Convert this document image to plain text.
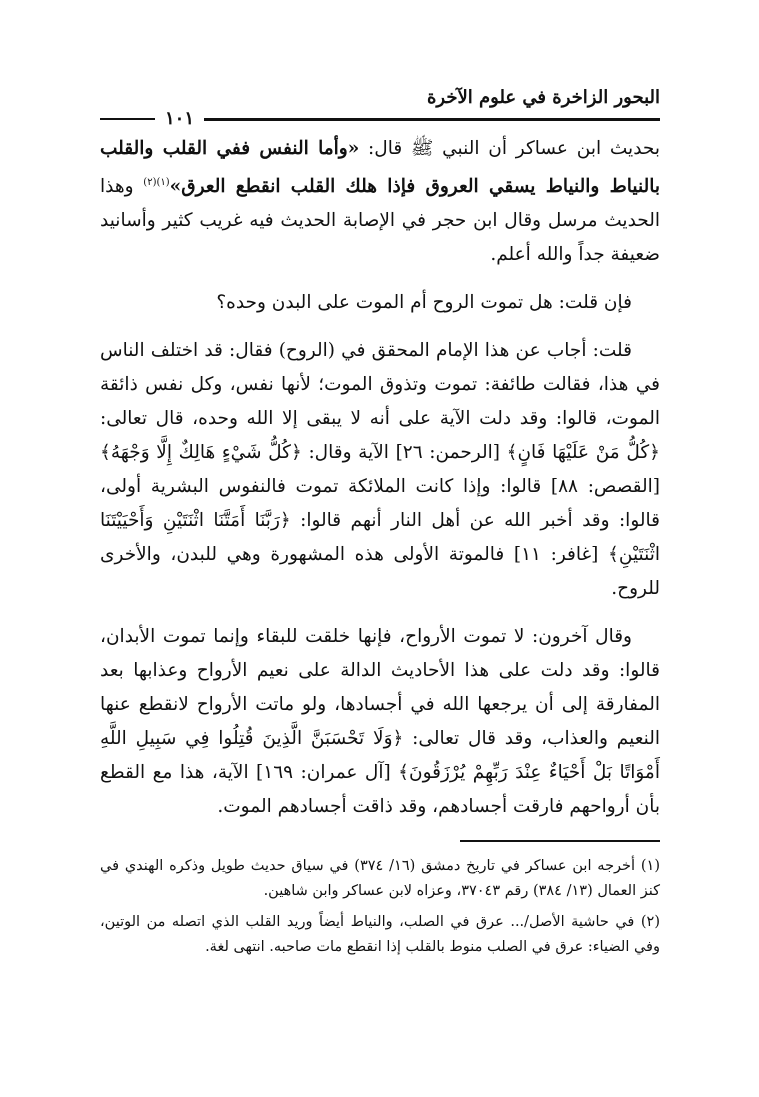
البحور الزاخرة في علوم الآخرة
١٠١

بحديث ابن عساكر أن النبي ﷺ قال: «وأما النفس ففي القلب والقلب بالنياط والنياط يسقي العروق فإذا هلك القلب انقطع العرق»$^{(١)(٢)}$ وهذا الحديث مرسل وقال ابن حجر في الإصابة الحديث فيه غريب كثير وأسانيد ضعيفة جداً والله أعلم.

فإن قلت: هل تموت الروح أم الموت على البدن وحده؟

قلت: أجاب عن هذا الإمام المحقق في (الروح) فقال: قد اختلف الناس في هذا، فقالت طائفة: تموت وتذوق الموت؛ لأنها نفس، وكل نفس ذائقة الموت، قالوا: وقد دلت الآية على أنه لا يبقى إلا الله وحده، قال تعالى: ﴿كُلُّ مَنْ عَلَيْهَا فَانٍ﴾ [الرحمن: ٢٦] الآية وقال: ﴿كُلُّ شَيْءٍ هَالِكٌ إِلَّا وَجْهَهُ﴾ [القصص: ٨٨] قالوا: وإذا كانت الملائكة تموت فالنفوس البشرية أولى، قالوا: وقد أخبر الله عن أهل النار أنهم قالوا: ﴿رَبَّنَا أَمَتَّنَا اثْنَتَيْنِ وَأَحْيَيْتَنَا اثْنَتَيْنِ﴾ [غافر: ١١] فالموتة الأولى هذه المشهورة وهي للبدن، والأخرى للروح.

وقال آخرون: لا تموت الأرواح، فإنها خلقت للبقاء وإنما تموت الأبدان، قالوا: وقد دلت على هذا الأحاديث الدالة على نعيم الأرواح وعذابها بعد المفارقة إلى أن يرجعها الله في أجسادها، ولو ماتت الأرواح لانقطع عنها النعيم والعذاب، وقد قال تعالى: ﴿وَلَا تَحْسَبَنَّ الَّذِينَ قُتِلُوا فِي سَبِيلِ اللَّهِ أَمْوَاتًا بَلْ أَحْيَاءٌ عِنْدَ رَبِّهِمْ يُرْزَقُونَ﴾ [آل عمران: ١٦٩] الآية، هذا مع القطع بأن أرواحهم فارقت أجسادهم، وقد ذاقت أجسادهم الموت.

(١) أخرجه ابن عساكر في تاريخ دمشق (١٦/ ٣٧٤) في سياق حديث طويل وذكره الهندي في كنز العمال (١٣/ ٣٨٤) رقم ٣٧٠٤٣، وعزاه لابن عساكر وابن شاهين.

(٢) في حاشية الأصل/... عرق في الصلب، والنياط أيضاً وريد القلب الذي اتصله من الوتين، وفي الضياء: عرق في الصلب منوط بالقلب إذا انقطع مات صاحبه. انتهى لغة.
